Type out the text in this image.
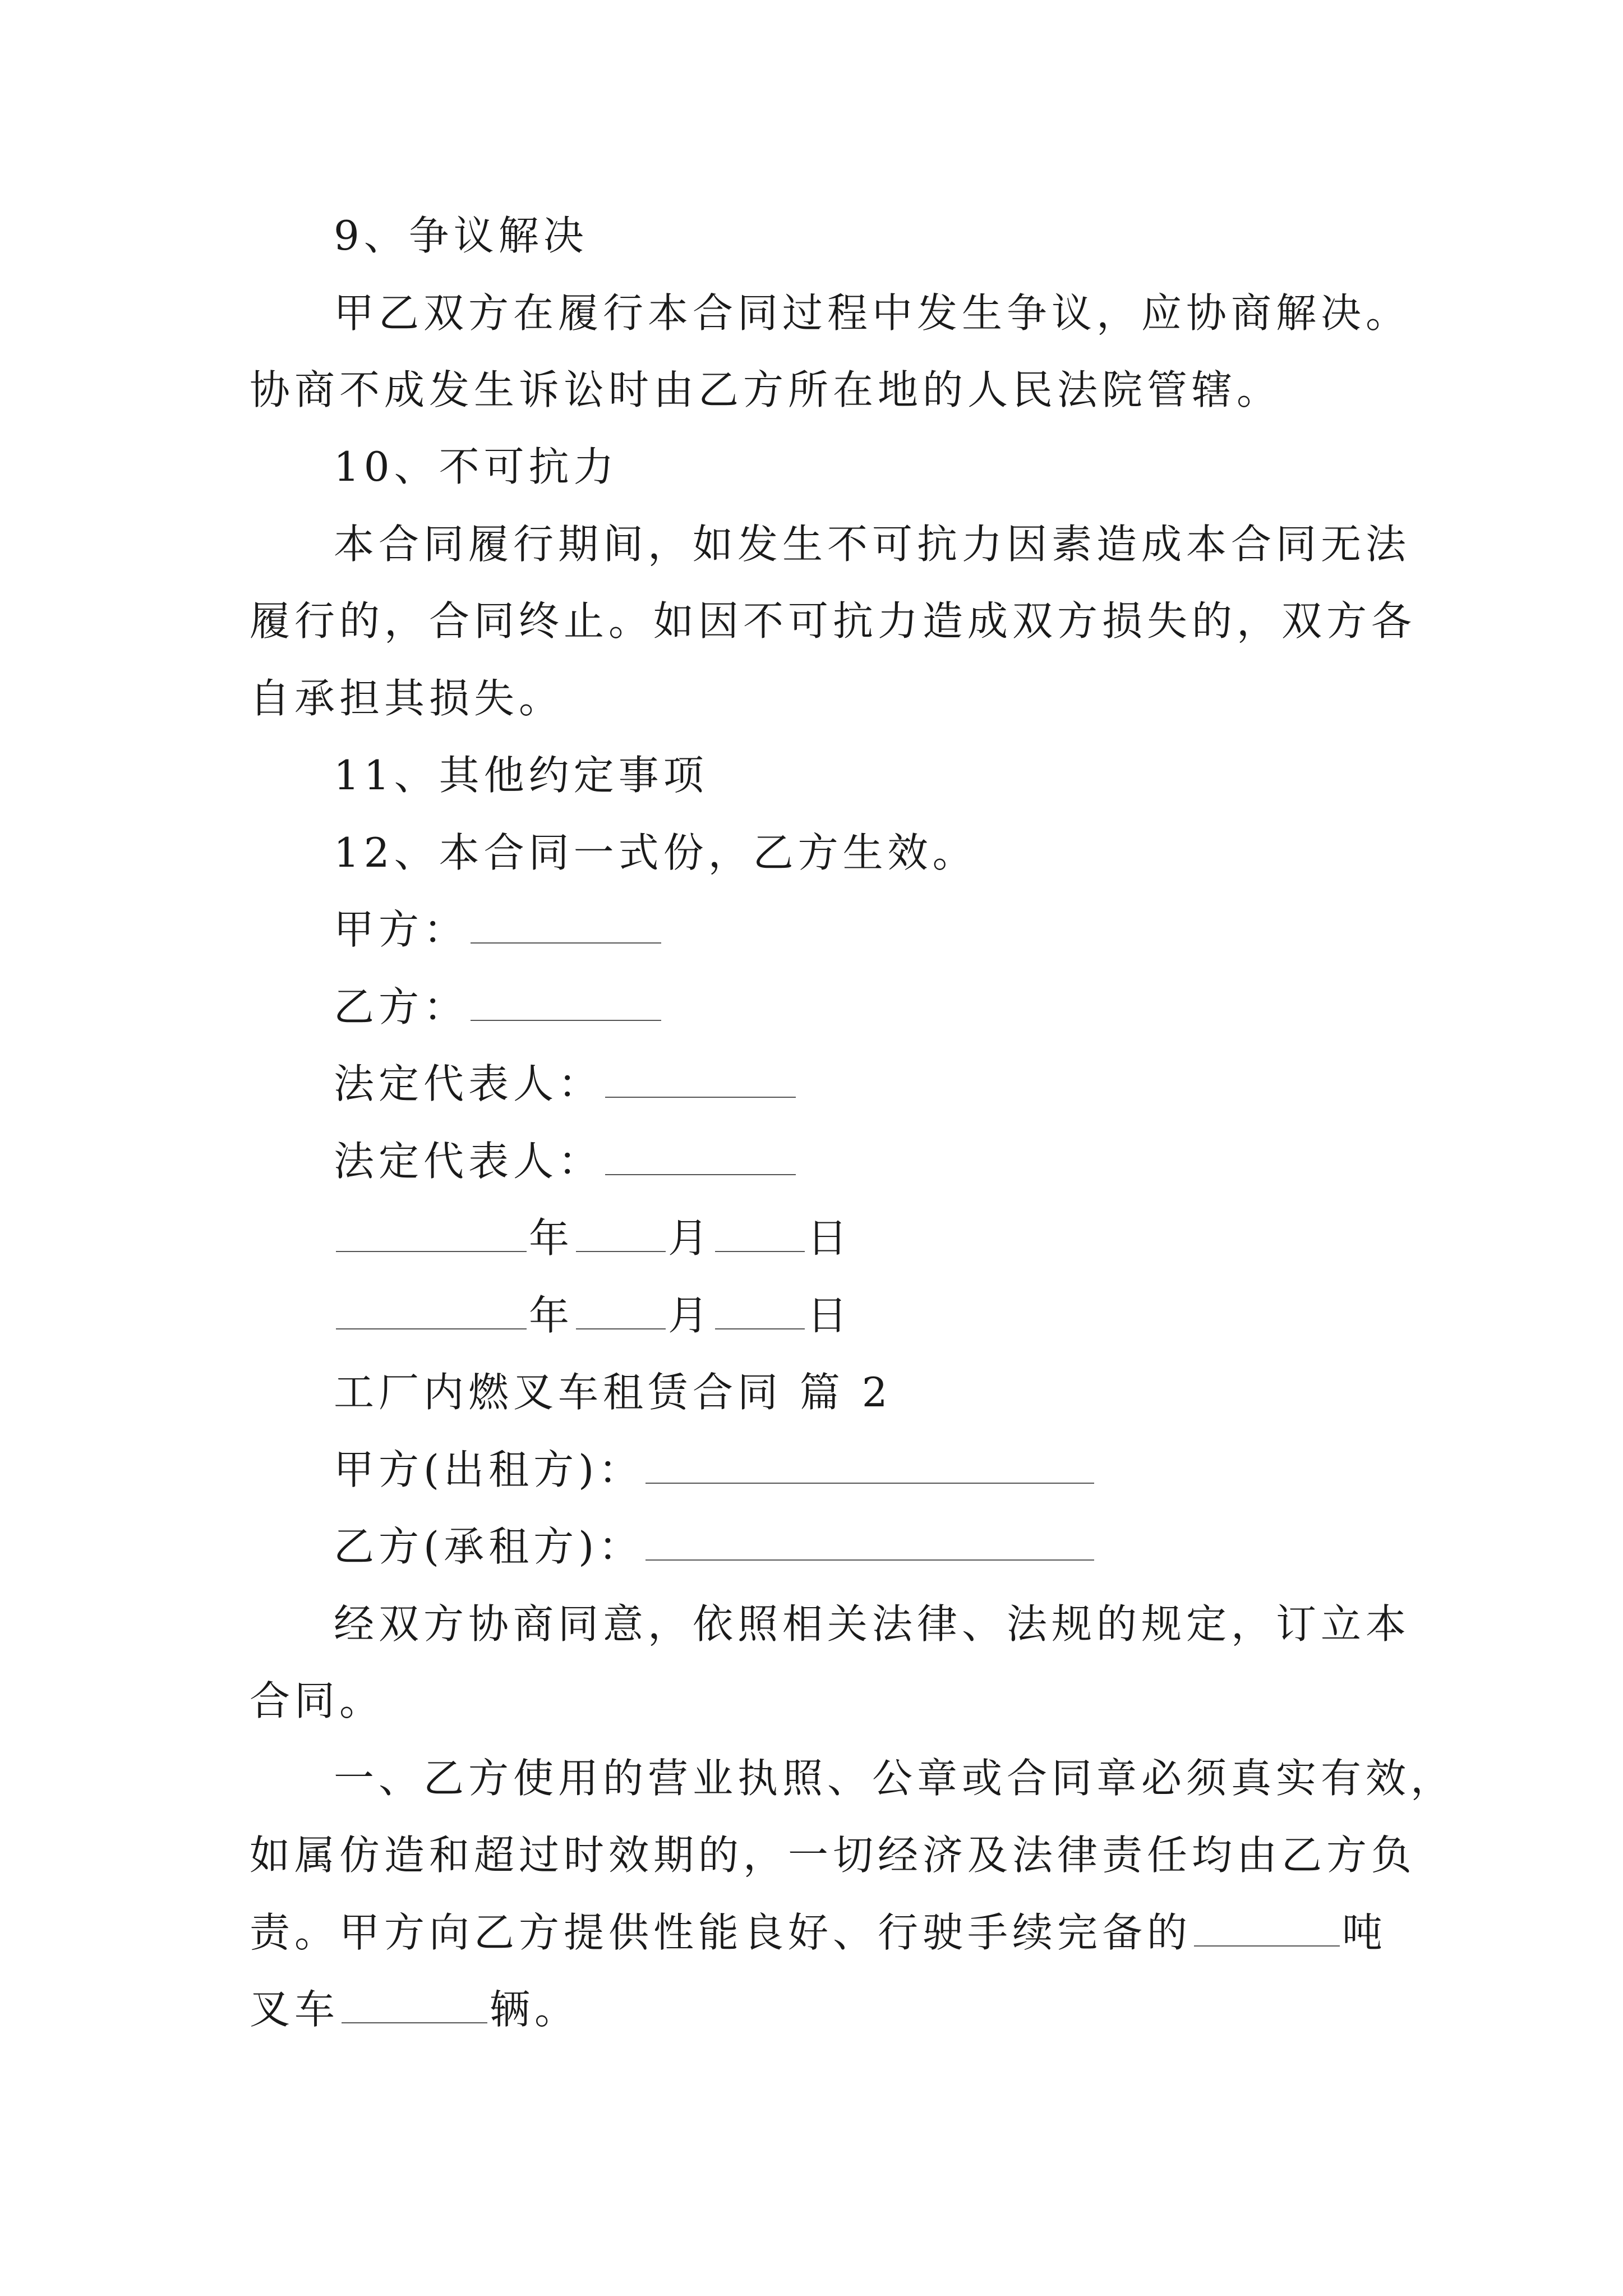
9、争议解决
甲乙双方在履行本合同过程中发生争议，应协商解决。
协商不成发生诉讼时由乙方所在地的人民法院管辖。
10、不可抗力
本合同履行期间，如发生不可抗力因素造成本合同无法
履行的，合同终止。如因不可抗力造成双方损失的，双方各
自承担其损失。
11、其他约定事项
12、本合同一式份，乙方生效。
甲方：
乙方：
法定代表人：
法定代表人：
年 月 日
年 月 日
工厂内燃叉车租赁合同 篇 2
甲方(出租方)：
乙方(承租方)：
经双方协商同意，依照相关法律、法规的规定，订立本
合同。
一、乙方使用的营业执照、公章或合同章必须真实有效，
如属仿造和超过时效期的，一切经济及法律责任均由乙方负
责。甲方向乙方提供性能良好、行驶手续完备的	吨
叉车	辆。
